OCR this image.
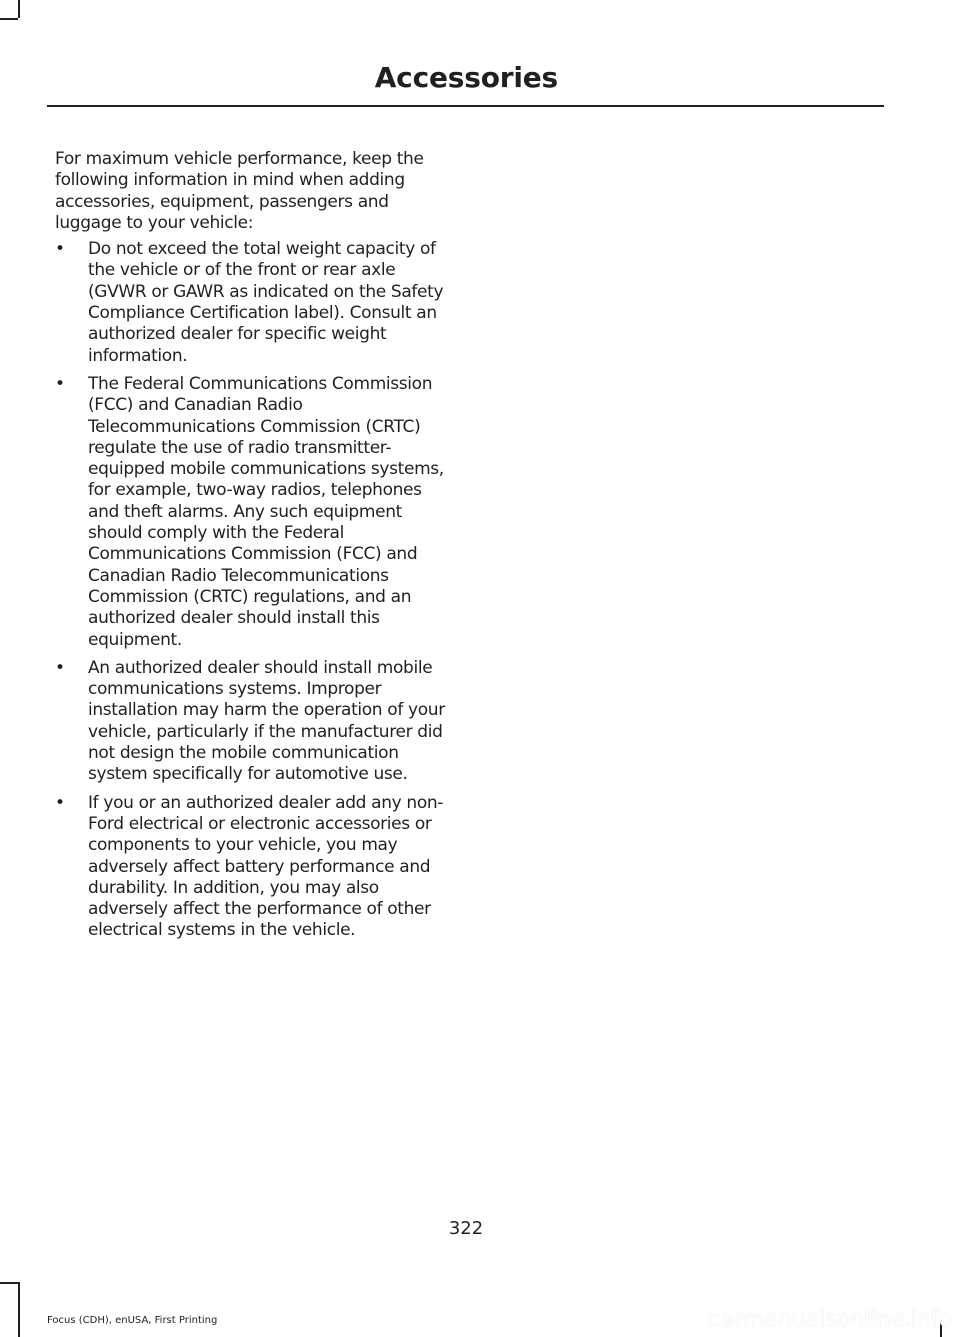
Accessories

For maximum vehicle performance, keep the following information in mind when adding accessories, equipment, passengers and luggage to your vehicle:

• Do not exceed the total weight capacity of the vehicle or of the front or rear axle (GVWR or GAWR as indicated on the Safety Compliance Certification label). Consult an authorized dealer for specific weight information.
• The Federal Communications Commission (FCC) and Canadian Radio Telecommunications Commission (CRTC) regulate the use of radio transmitter-equipped mobile communications systems, for example, two-way radios, telephones and theft alarms. Any such equipment should comply with the Federal Communications Commission (FCC) and Canadian Radio Telecommunications Commission (CRTC) regulations, and an authorized dealer should install this equipment.
• An authorized dealer should install mobile communications systems. Improper installation may harm the operation of your vehicle, particularly if the manufacturer did not design the mobile communication system specifically for automotive use.
• If you or an authorized dealer add any non-Ford electrical or electronic accessories or components to your vehicle, you may adversely affect battery performance and durability. In addition, you may also adversely affect the performance of other electrical systems in the vehicle.
322
Focus (CDH), enUSA, First Printing	carmanualsonline.info
